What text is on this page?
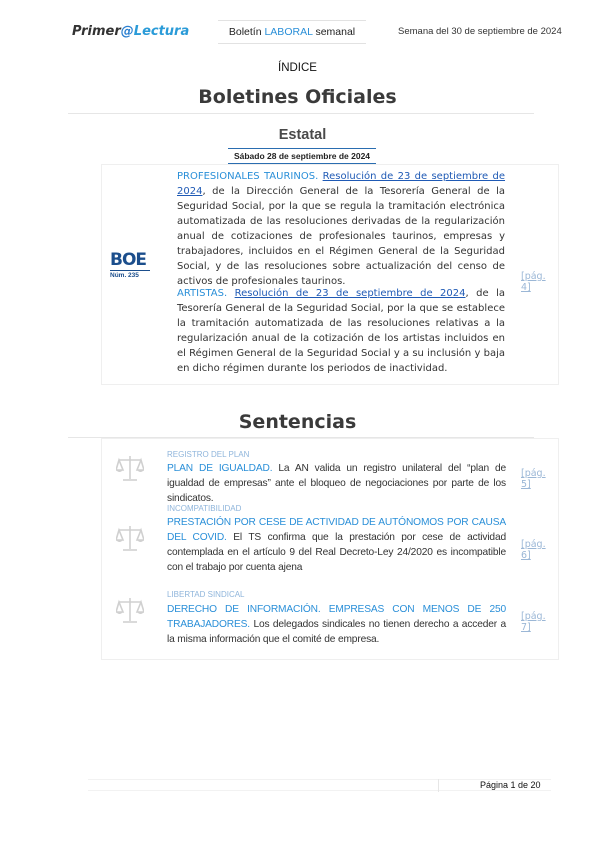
Primer@Lectura	Boletín LABORAL semanal	Semana del 30 de septiembre de 2024
ÍNDICE
Boletines Oficiales
Estatal
Sábado 28 de septiembre de 2024
BOE
Núm. 235
PROFESIONALES TAURINOS. Resolución de 23 de septiembre de 2024, de la Dirección General de la Tesorería General de la Seguridad Social, por la que se regula la tramitación electrónica automatizada de las resoluciones derivadas de la regularización anual de cotizaciones de profesionales taurinos, empresas y trabajadores, incluidos en el Régimen General de la Seguridad Social, y de las resoluciones sobre actualización del censo de activos de profesionales taurinos.
ARTISTAS. Resolución de 23 de septiembre de 2024, de la Tesorería General de la Seguridad Social, por la que se establece la tramitación automatizada de las resoluciones relativas a la regularización anual de la cotización de los artistas incluidos en el Régimen General de la Seguridad Social y a su inclusión y baja en dicho régimen durante los periodos de inactividad.
[pág. 4]
Sentencias
REGISTRO DEL PLAN
PLAN DE IGUALDAD. La AN valida un registro unilateral del “plan de igualdad de empresas” ante el bloqueo de negociaciones por parte de los sindicatos.
[pág. 5]
INCOMPATIBILIDAD
PRESTACIÓN POR CESE DE ACTIVIDAD DE AUTÓNOMOS POR CAUSA DEL COVID. El TS confirma que la prestación por cese de actividad contemplada en el artículo 9 del Real Decreto-Ley 24/2020 es incompatible con el trabajo por cuenta ajena
[pág. 6]
LIBERTAD SINDICAL
DERECHO DE INFORMACIÓN. EMPRESAS CON MENOS DE 250 TRABAJADORES. Los delegados sindicales no tienen derecho a acceder a la misma información que el comité de empresa.
[pág. 7]
Página 1 de 20
